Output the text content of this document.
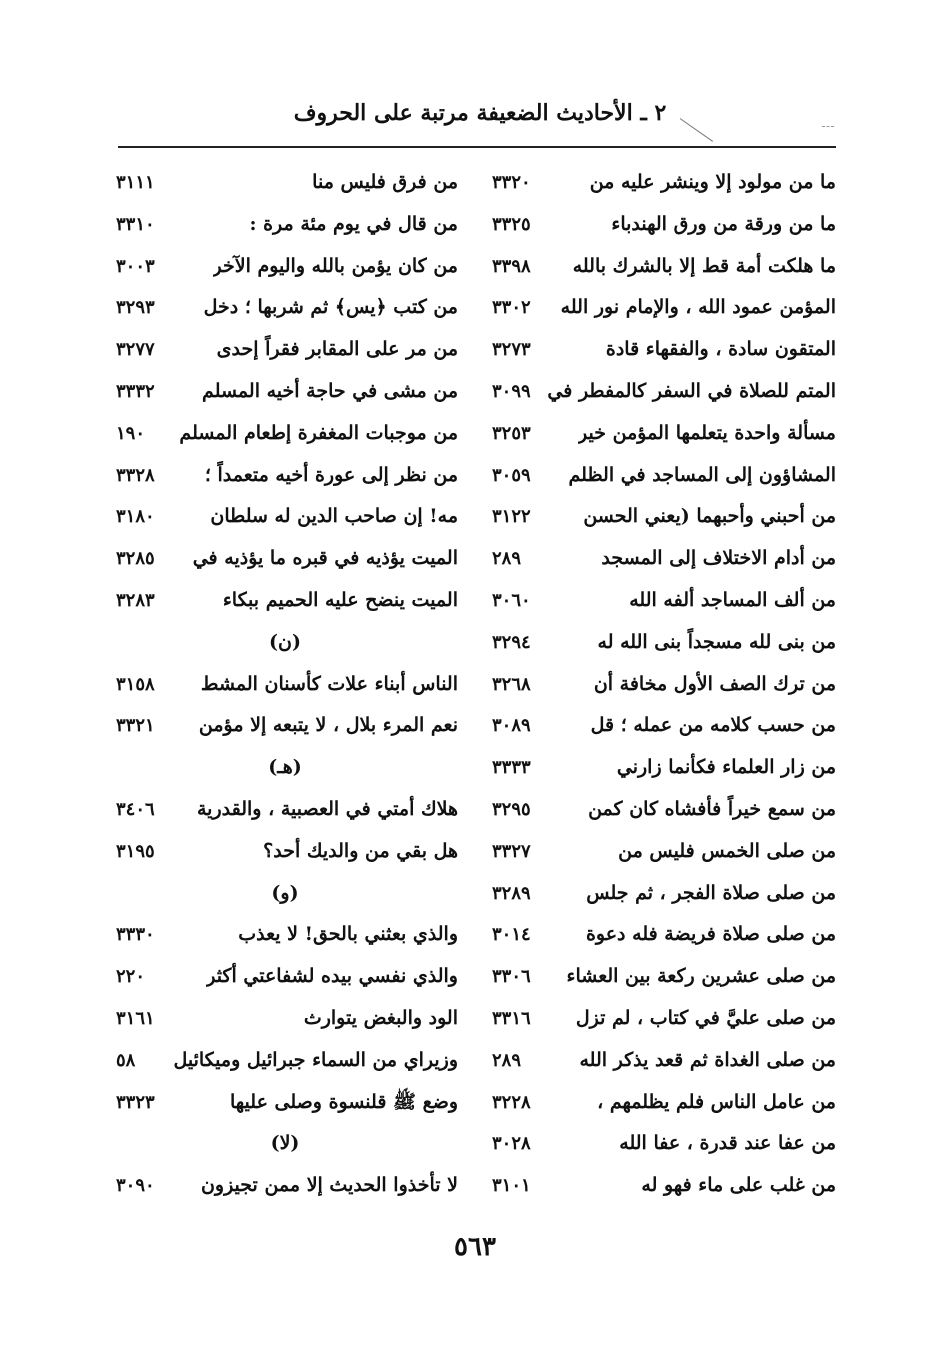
٢ ـ الأحاديث الضعيفة مرتبة على الحروف
ما من مولود إلا وينشر عليه من
٣٣٢٠
ما من ورقة من ورق الهندباء
٣٣٢٥
ما هلكت أمة قط إلا بالشرك بالله
٣٣٩٨
المؤمن عمود الله ، والإمام نور الله
٣٣٠٢
المتقون سادة ، والفقهاء قادة
٣٢٧٣
المتم للصلاة في السفر كالمفطر في
٣٠٩٩
مسألة واحدة يتعلمها المؤمن خير
٣٢٥٣
المشاؤون إلى المساجد في الظلم
٣٠٥٩
من أحبني وأحبهما (يعني الحسن
٣١٢٢
من أدام الاختلاف إلى المسجد
٢٨٩
من ألف المساجد ألفه الله
٣٠٦٠
من بنى لله مسجداً بنى الله له
٣٢٩٤
من ترك الصف الأول مخافة أن
٣٢٦٨
من حسب كلامه من عمله ؛ قل
٣٠٨٩
من زار العلماء فكأنما زارني
٣٣٣٣
من سمع خيراً فأفشاه كان كمن
٣٢٩٥
من صلى الخمس فليس من
٣٣٢٧
من صلى صلاة الفجر ، ثم جلس
٣٢٨٩
من صلى صلاة فريضة فله دعوة
٣٠١٤
من صلى عشرين ركعة بين العشاء
٣٣٠٦
من صلى عليَّ في كتاب ، لم تزل
٣٣١٦
من صلى الغداة ثم قعد يذكر الله
٢٨٩
من عامل الناس فلم يظلمهم ،
٣٢٢٨
من عفا عند قدرة ، عفا الله
٣٠٢٨
من غلب على ماء فهو له
٣١٠١
من فرق فليس منا
٣١١١
من قال في يوم مئة مرة :
٣٣١٠
من كان يؤمن بالله واليوم الآخر
٣٠٠٣
من كتب ﴿يس﴾ ثم شربها ؛ دخل
٣٢٩٣
من مر على المقابر فقراً إحدى
٣٢٧٧
من مشى في حاجة أخيه المسلم
٣٣٣٢
من موجبات المغفرة إطعام المسلم
١٩٠
من نظر إلى عورة أخيه متعمداً ؛
٣٣٢٨
مه! إن صاحب الدين له سلطان
٣١٨٠
الميت يؤذيه في قبره ما يؤذيه في
٣٢٨٥
الميت ينضح عليه الحميم ببكاء
٣٢٨٣
(ن)
الناس أبناء علات كأسنان المشط
٣١٥٨
نعم المرء بلال ، لا يتبعه إلا مؤمن
٣٣٢١
(هـ)
هلاك أمتي في العصبية ، والقدرية
٣٤٠٦
هل بقي من والديك أحد؟
٣١٩٥
(و)
والذي بعثني بالحق! لا يعذب
٣٣٣٠
والذي نفسي بيده لشفاعتي أكثر
٢٢٠
الود والبغض يتوارث
٣١٦١
وزيراي من السماء جبرائيل وميكائيل
٥٨
وضع ﷺ قلنسوة وصلى عليها
٣٣٢٣
(لا)
لا تأخذوا الحديث إلا ممن تجيزون
٣٠٩٠
٥٦٣
